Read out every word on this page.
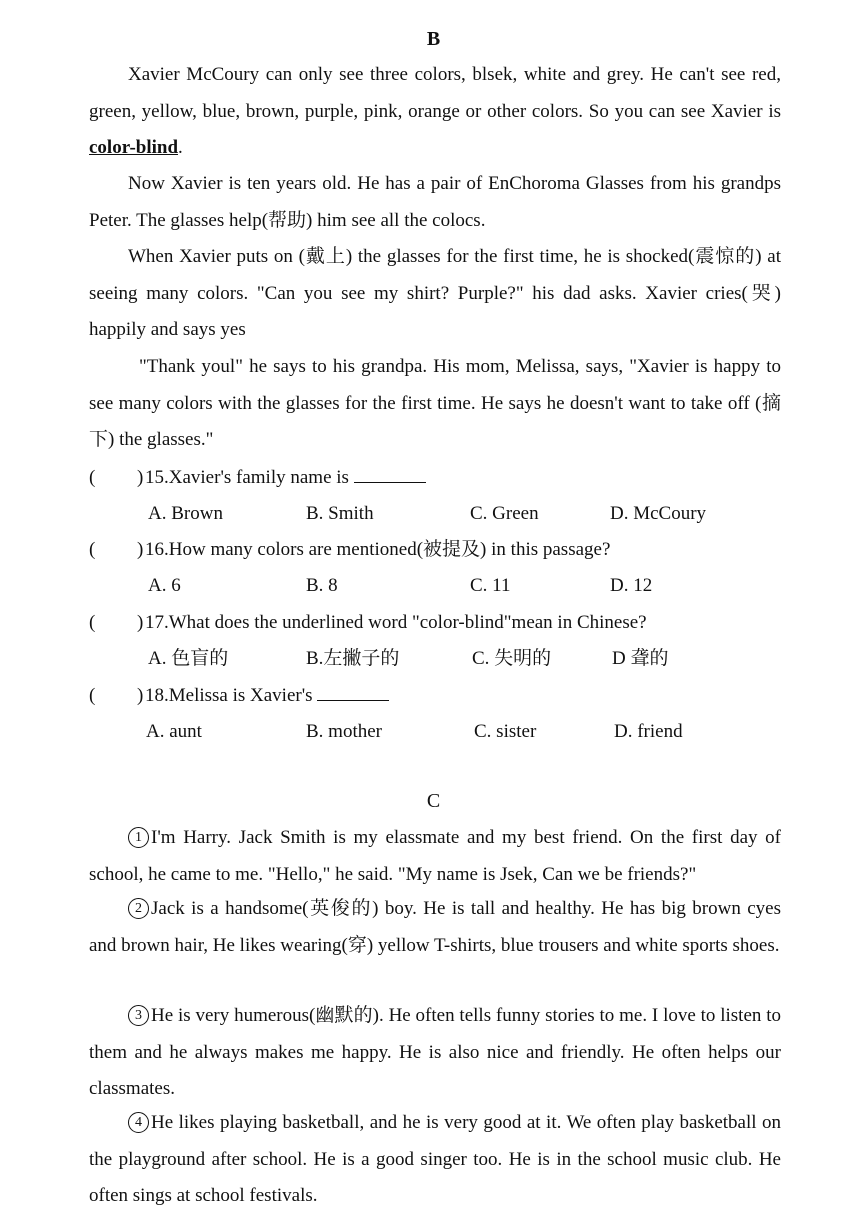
B

Xavier McCoury can only see three colors, blsek, white and grey. He can't see red, green, yellow, blue, brown, purple, pink, orange or other colors. So you can see Xavier is color-blind.

Now Xavier is ten years old. He has a pair of EnChoroma Glasses from his grandps Peter. The glasses help(帮助) him see all the colocs.

When Xavier puts on (戴上) the glasses for the first time, he is shocked(震惊的) at seeing many colors. "Can you see my shirt? Purple?" his dad asks. Xavier cries(哭) happily and says yes

"Thank youl" he says to his grandpa. His mom, Melissa, says, "Xavier is happy to see many colors with the glasses for the first time. He says he doesn't want to take off (摘下) the glasses."

( ) 15.Xavier's family name is
A. Brown	B. Smith	C. Green	D. McCoury
( ) 16.How many colors are mentioned(被提及) in this passage?
A. 6	B. 8	C. 11	D. 12
( ) 17.What does the underlined word "color-blind"mean in Chinese?
A. 色盲的	B.左撇子的	C. 失明的	D 聋的
( ) 18.Melissa is Xavier's
A. aunt	B. mother	C. sister	D. friend
C

1 I'm Harry. Jack Smith is my elassmate and my best friend. On the first day of school, he came to me. "Hello," he said. "My name is Jsek, Can we be friends?"

2 Jack is a handsome(英俊的) boy. He is tall and healthy. He has big brown cyes and brown hair, He likes wearing(穿) yellow T-shirts, blue trousers and white sports shoes.

3 He is very humerous(幽默的). He often tells funny stories to me. I love to listen to them and he always makes me happy. He is also nice and friendly. He often helps our classmates.

4 He likes playing basketball, and he is very good at it. We often play basketball on the playground after school. He is a good singer too. He is in the school music club. He often sings at school festivals.
